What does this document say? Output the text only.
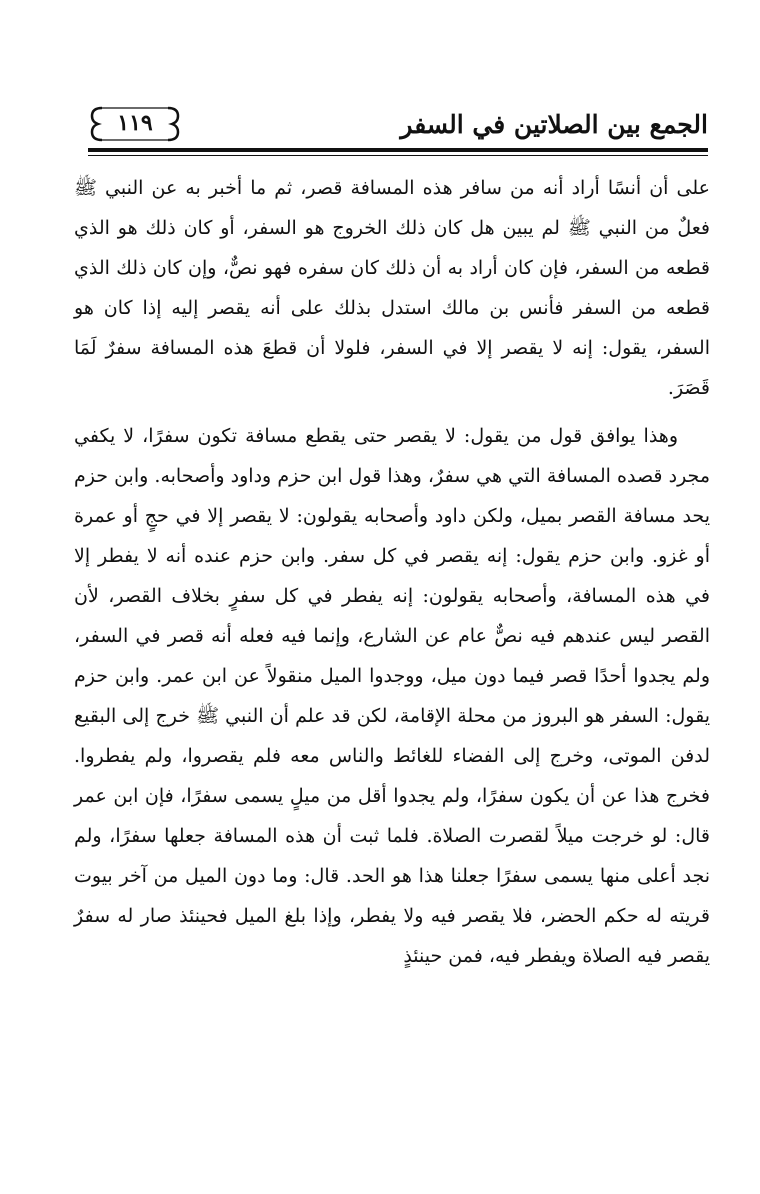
الجمع بين الصلاتين في السفر
١١٩

على أن أنسًا أراد أنه من سافر هذه المسافة قصر، ثم ما أخبر به عن النبي ﷺ فعلٌ من النبي ﷺ لم يبين هل كان ذلك الخروج هو السفر، أو كان ذلك هو الذي قطعه من السفر، فإن كان أراد به أن ذلك كان سفره فهو نصٌّ، وإن كان ذلك الذي قطعه من السفر فأنس بن مالك استدل بذلك على أنه يقصر إليه إذا كان هو السفر، يقول: إنه لا يقصر إلا في السفر، فلولا أن قطعَ هذه المسافة سفرٌ لَمَا قَصَرَ.

وهذا يوافق قول من يقول: لا يقصر حتى يقطع مسافة تكون سفرًا، لا يكفي مجرد قصده المسافة التي هي سفرٌ، وهذا قول ابن حزم وداود وأصحابه. وابن حزم يحد مسافة القصر بميل، ولكن داود وأصحابه يقولون: لا يقصر إلا في حجٍ أو عمرة أو غزو. وابن حزم يقول: إنه يقصر في كل سفر. وابن حزم عنده أنه لا يفطر إلا في هذه المسافة، وأصحابه يقولون: إنه يفطر في كل سفرٍ بخلاف القصر، لأن القصر ليس عندهم فيه نصٌّ عام عن الشارع، وإنما فيه فعله أنه قصر في السفر، ولم يجدوا أحدًا قصر فيما دون ميل، ووجدوا الميل منقولاً عن ابن عمر. وابن حزم يقول: السفر هو البروز من محلة الإقامة، لكن قد علم أن النبي ﷺ خرج إلى البقيع لدفن الموتى، وخرج إلى الفضاء للغائط والناس معه فلم يقصروا، ولم يفطروا. فخرج هذا عن أن يكون سفرًا، ولم يجدوا أقل من ميلٍ يسمى سفرًا، فإن ابن عمر قال: لو خرجت ميلاً لقصرت الصلاة. فلما ثبت أن هذه المسافة جعلها سفرًا، ولم نجد أعلى منها يسمى سفرًا جعلنا هذا هو الحد. قال: وما دون الميل من آخر بيوت قريته له حكم الحضر، فلا يقصر فيه ولا يفطر، وإذا بلغ الميل فحينئذ صار له سفرٌ يقصر فيه الصلاة ويفطر فيه، فمن حينئذٍ
